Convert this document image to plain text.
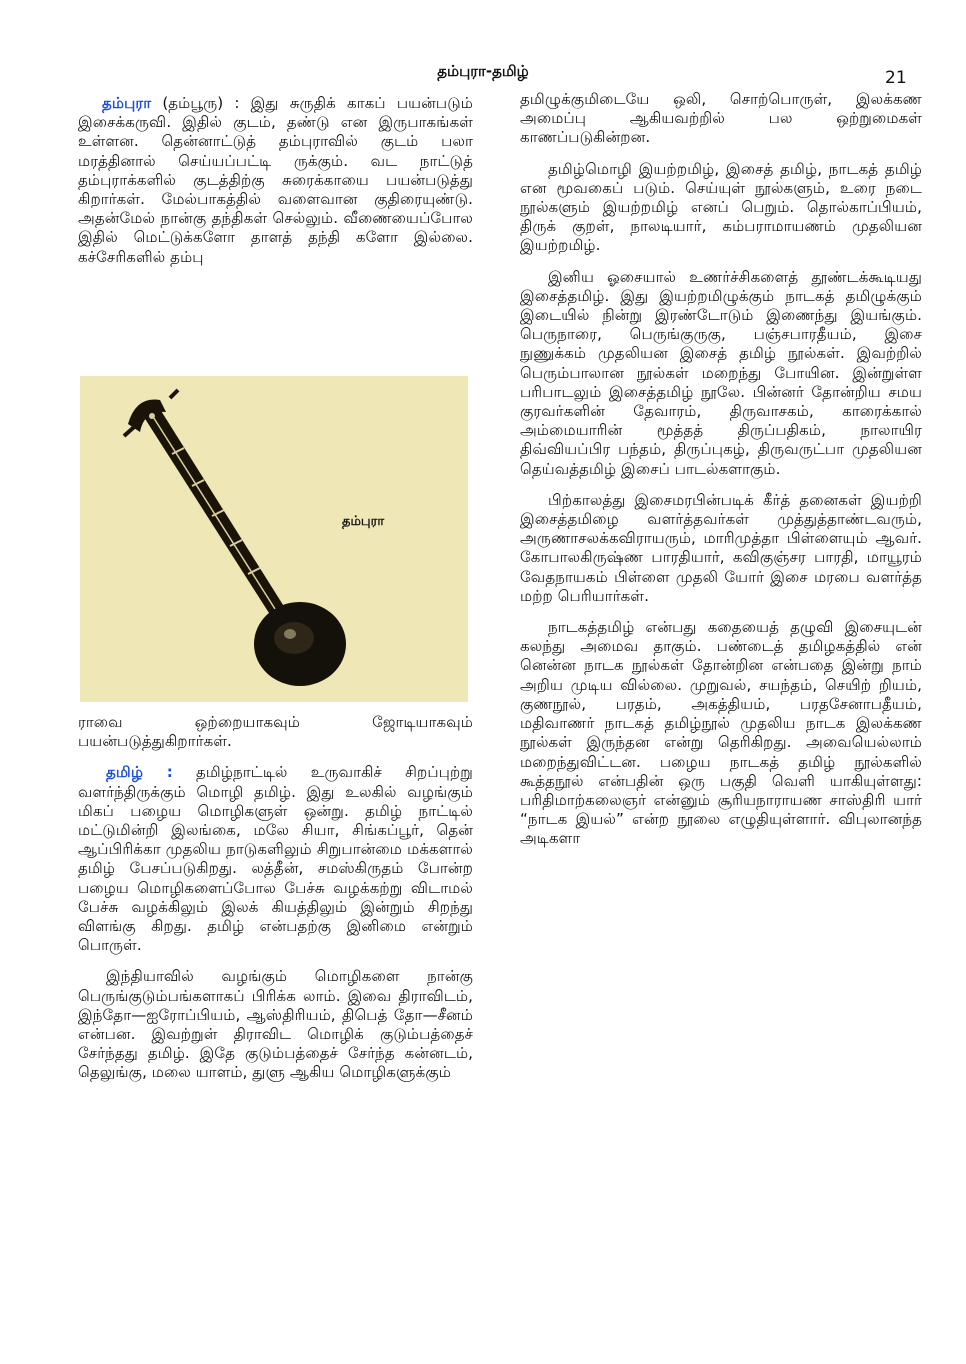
தம்புரா-தமிழ்	21

தம்புரா (தம்பூரு) : இது சுருதிக் காகப் பயன்படும் இசைக்கருவி. இதில் குடம், தண்டு என இருபாகங்கள் உள்ளன. தென்னாட்டுத் தம்புராவில் குடம் பலா மரத்தினால் செய்யப்பட்டி ருக்கும். வட நாட்டுத் தம்புராக்களில் குடத்திற்கு சுரைக்காயை பயன்படுத்து கிறார்கள். மேல்பாகத்தில் வளைவான குதிரையுண்டு. அதன்மேல் நான்கு தந்திகள் செல்லும். வீணையைப்போல இதில் மெட்டுக்களோ தாளத் தந்தி களோ இல்லை. கச்சேரிகளில் தம்பு

தம்புரா

ராவை ஒற்றையாகவும் ஜோடியாகவும் பயன்படுத்துகிறார்கள்.

தமிழ் : தமிழ்நாட்டில் உருவாகிச் சிறப்புற்று வளர்ந்திருக்கும் மொழி தமிழ். இது உலகில் வழங்கும் மிகப் பழைய மொழிகளுள் ஒன்று. தமிழ் நாட்டில் மட்டுமின்றி இலங்கை, மலே சியா, சிங்கப்பூர், தென் ஆப்பிரிக்கா முதலிய நாடுகளிலும் சிறுபான்மை மக்களால் தமிழ் பேசப்படுகிறது. லத்தீன், சமஸ்கிருதம் போன்ற பழைய மொழிகளைப்போல பேச்சு வழக்கற்று விடாமல் பேச்சு வழக்கிலும் இலக் கியத்திலும் இன்றும் சிறந்து விளங்கு கிறது. தமிழ் என்பதற்கு இனிமை என்றும் பொருள்.

இந்தியாவில் வழங்கும் மொழிகளை நான்கு பெருங்குடும்பங்களாகப் பிரிக்க லாம். இவை திராவிடம், இந்தோ—ஐரோப்பியம், ஆஸ்திரியம், திபெத் தோ—சீனம் என்பன. இவற்றுள் திராவிட மொழிக் குடும்பத்தைச் சேர்ந்தது தமிழ். இதே குடும்பத்தைச் சேர்ந்த கன்னடம், தெலுங்கு, மலை யாளம், துளு ஆகிய மொழிகளுக்கும்

தமிழுக்குமிடையே ஒலி, சொற்பொருள், இலக்கண அமைப்பு ஆகியவற்றில் பல ஒற்றுமைகள் காணப்படுகின்றன.

தமிழ்மொழி இயற்றமிழ், இசைத் தமிழ், நாடகத் தமிழ் என மூவகைப் படும். செய்யுள் நூல்களும், உரை நடை நூல்களும் இயற்றமிழ் எனப் பெறும். தொல்காப்பியம், திருக் குறள், நாலடியார், கம்பராமாயணம் முதலியன இயற்றமிழ்.

இனிய ஓசையால் உணர்ச்சிகளைத் தூண்டக்கூடியது இசைத்தமிழ். இது இயற்றமிழுக்கும் நாடகத் தமிழுக்கும் இடையில் நின்று இரண்டோடும் இணைந்து இயங்கும். பெருநாரை, பெருங்குருகு, பஞ்சபாரதீயம், இசை நுணுக்கம் முதலியன இசைத் தமிழ் நூல்கள். இவற்றில் பெரும்பாலான நூல்கள் மறைந்து போயின. இன்றுள்ள பரிபாடலும் இசைத்தமிழ் நூலே. பின்னர் தோன்றிய சமய குரவர்களின் தேவாரம், திருவாசகம், காரைக்கால் அம்மையாரின் மூத்தத் திருப்பதிகம், நாலாயிர திவ்வியப்பிர பந்தம், திருப்புகழ், திருவருட்பா முதலியன தெய்வத்தமிழ் இசைப் பாடல்களாகும்.

பிற்காலத்து இசைமரபின்படிக் கீர்த் தனைகள் இயற்றி இசைத்தமிழை வளர்த்தவர்கள் முத்துத்தாண்டவரும், அருணாசலக்கவிராயரும், மாரிமுத்தா பிள்ளையும் ஆவர். கோபாலகிருஷ்ண பாரதியார், கவிகுஞ்சர பாரதி, மாயூரம் வேதநாயகம் பிள்ளை முதலி யோர் இசை மரபை வளர்த்த மற்ற பெரியார்கள்.

நாடகத்தமிழ் என்பது கதையைத் தழுவி இசையுடன் கலந்து அமைவ தாகும். பண்டைத் தமிழகத்தில் என் னென்ன நாடக நூல்கள் தோன்றின என்பதை இன்று நாம் அறிய முடிய வில்லை. முறுவல், சயந்தம், செயிற் றியம், குணநூல், பரதம், அகத்தியம், பரதசேனாபதீயம், மதிவாணர் நாடகத் தமிழ்நூல் முதலிய நாடக இலக்கண நூல்கள் இருந்தன என்று தெரிகிறது. அவையெல்லாம் மறைந்துவிட்டன. பழைய நாடகத் தமிழ் நூல்களில் கூத்தநூல் என்பதின் ஒரு பகுதி வெளி யாகியுள்ளது: பரிதிமாற்கலைஞர் என்னும் சூரியநாராயண சாஸ்திரி யார் “நாடக இயல்” என்ற நூலை எழுதியுள்ளார். விபுலானந்த அடிகளா
